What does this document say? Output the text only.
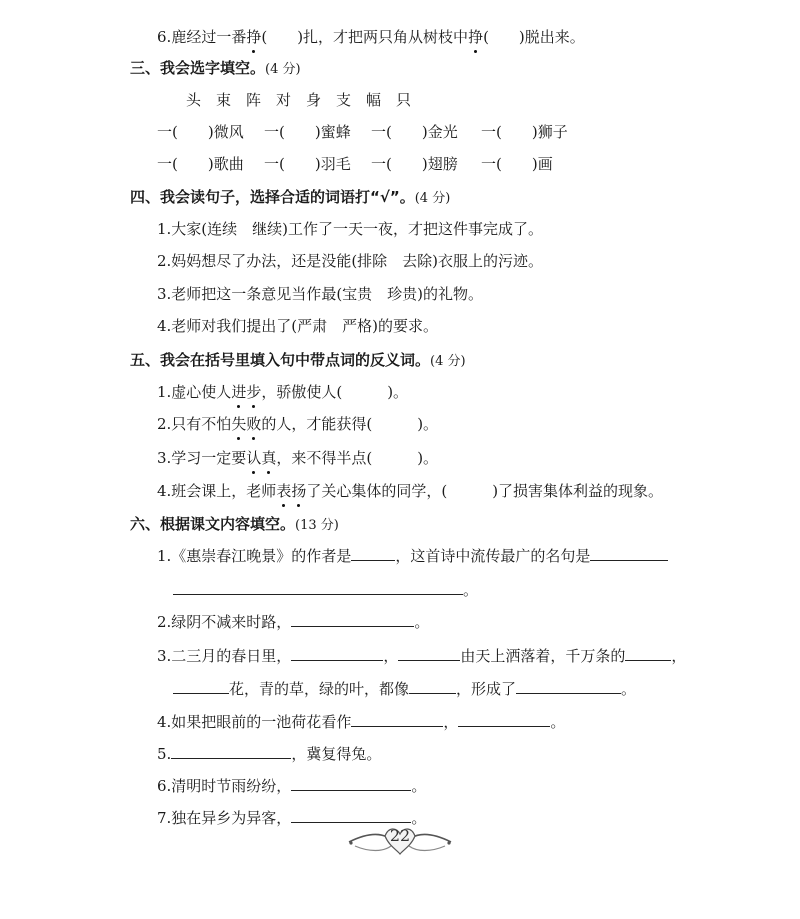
6.鹿经过一番挣(　　)扎，才把两只角从树枝中挣(　　)脱出来。
三、我会选字填空。(4 分)
头 束 阵 对 身 支 幅 只
一(　　)微风 一(　　)蜜蜂 一(　　)金光 一(　　)狮子
一(　　)歌曲 一(　　)羽毛 一(　　)翅膀 一(　　)画
四、我会读句子，选择合适的词语打“√”。(4 分)
1.大家(连续　继续)工作了一天一夜，才把这件事完成了。
2.妈妈想尽了办法，还是没能(排除　去除)衣服上的污迹。
3.老师把这一条意见当作最(宝贵　珍贵)的礼物。
4.老师对我们提出了(严肃　严格)的要求。
五、我会在括号里填入句中带点词的反义词。(4 分)
1.虚心使人进步，骄傲使人(　　　)。
2.只有不怕失败的人，才能获得(　　　)。
3.学习一定要认真，来不得半点(　　　)。
4.班会课上，老师表扬了关心集体的同学，(　　　)了损害集体利益的现象。
六、根据课文内容填空。(13 分)
1.《惠崇春江晚景》的作者是	，这首诗中流传最广的名句是
。
2.绿阴不减来时路，	。
3.二三月的春日里，	，	由天上洒落着，千万条的	，
花，青的草，绿的叶，都像	，形成了	。
4.如果把眼前的一池荷花看作	，	。
5.	，冀复得兔。
6.清明时节雨纷纷，	。
7.独在异乡为异客，	。
22
